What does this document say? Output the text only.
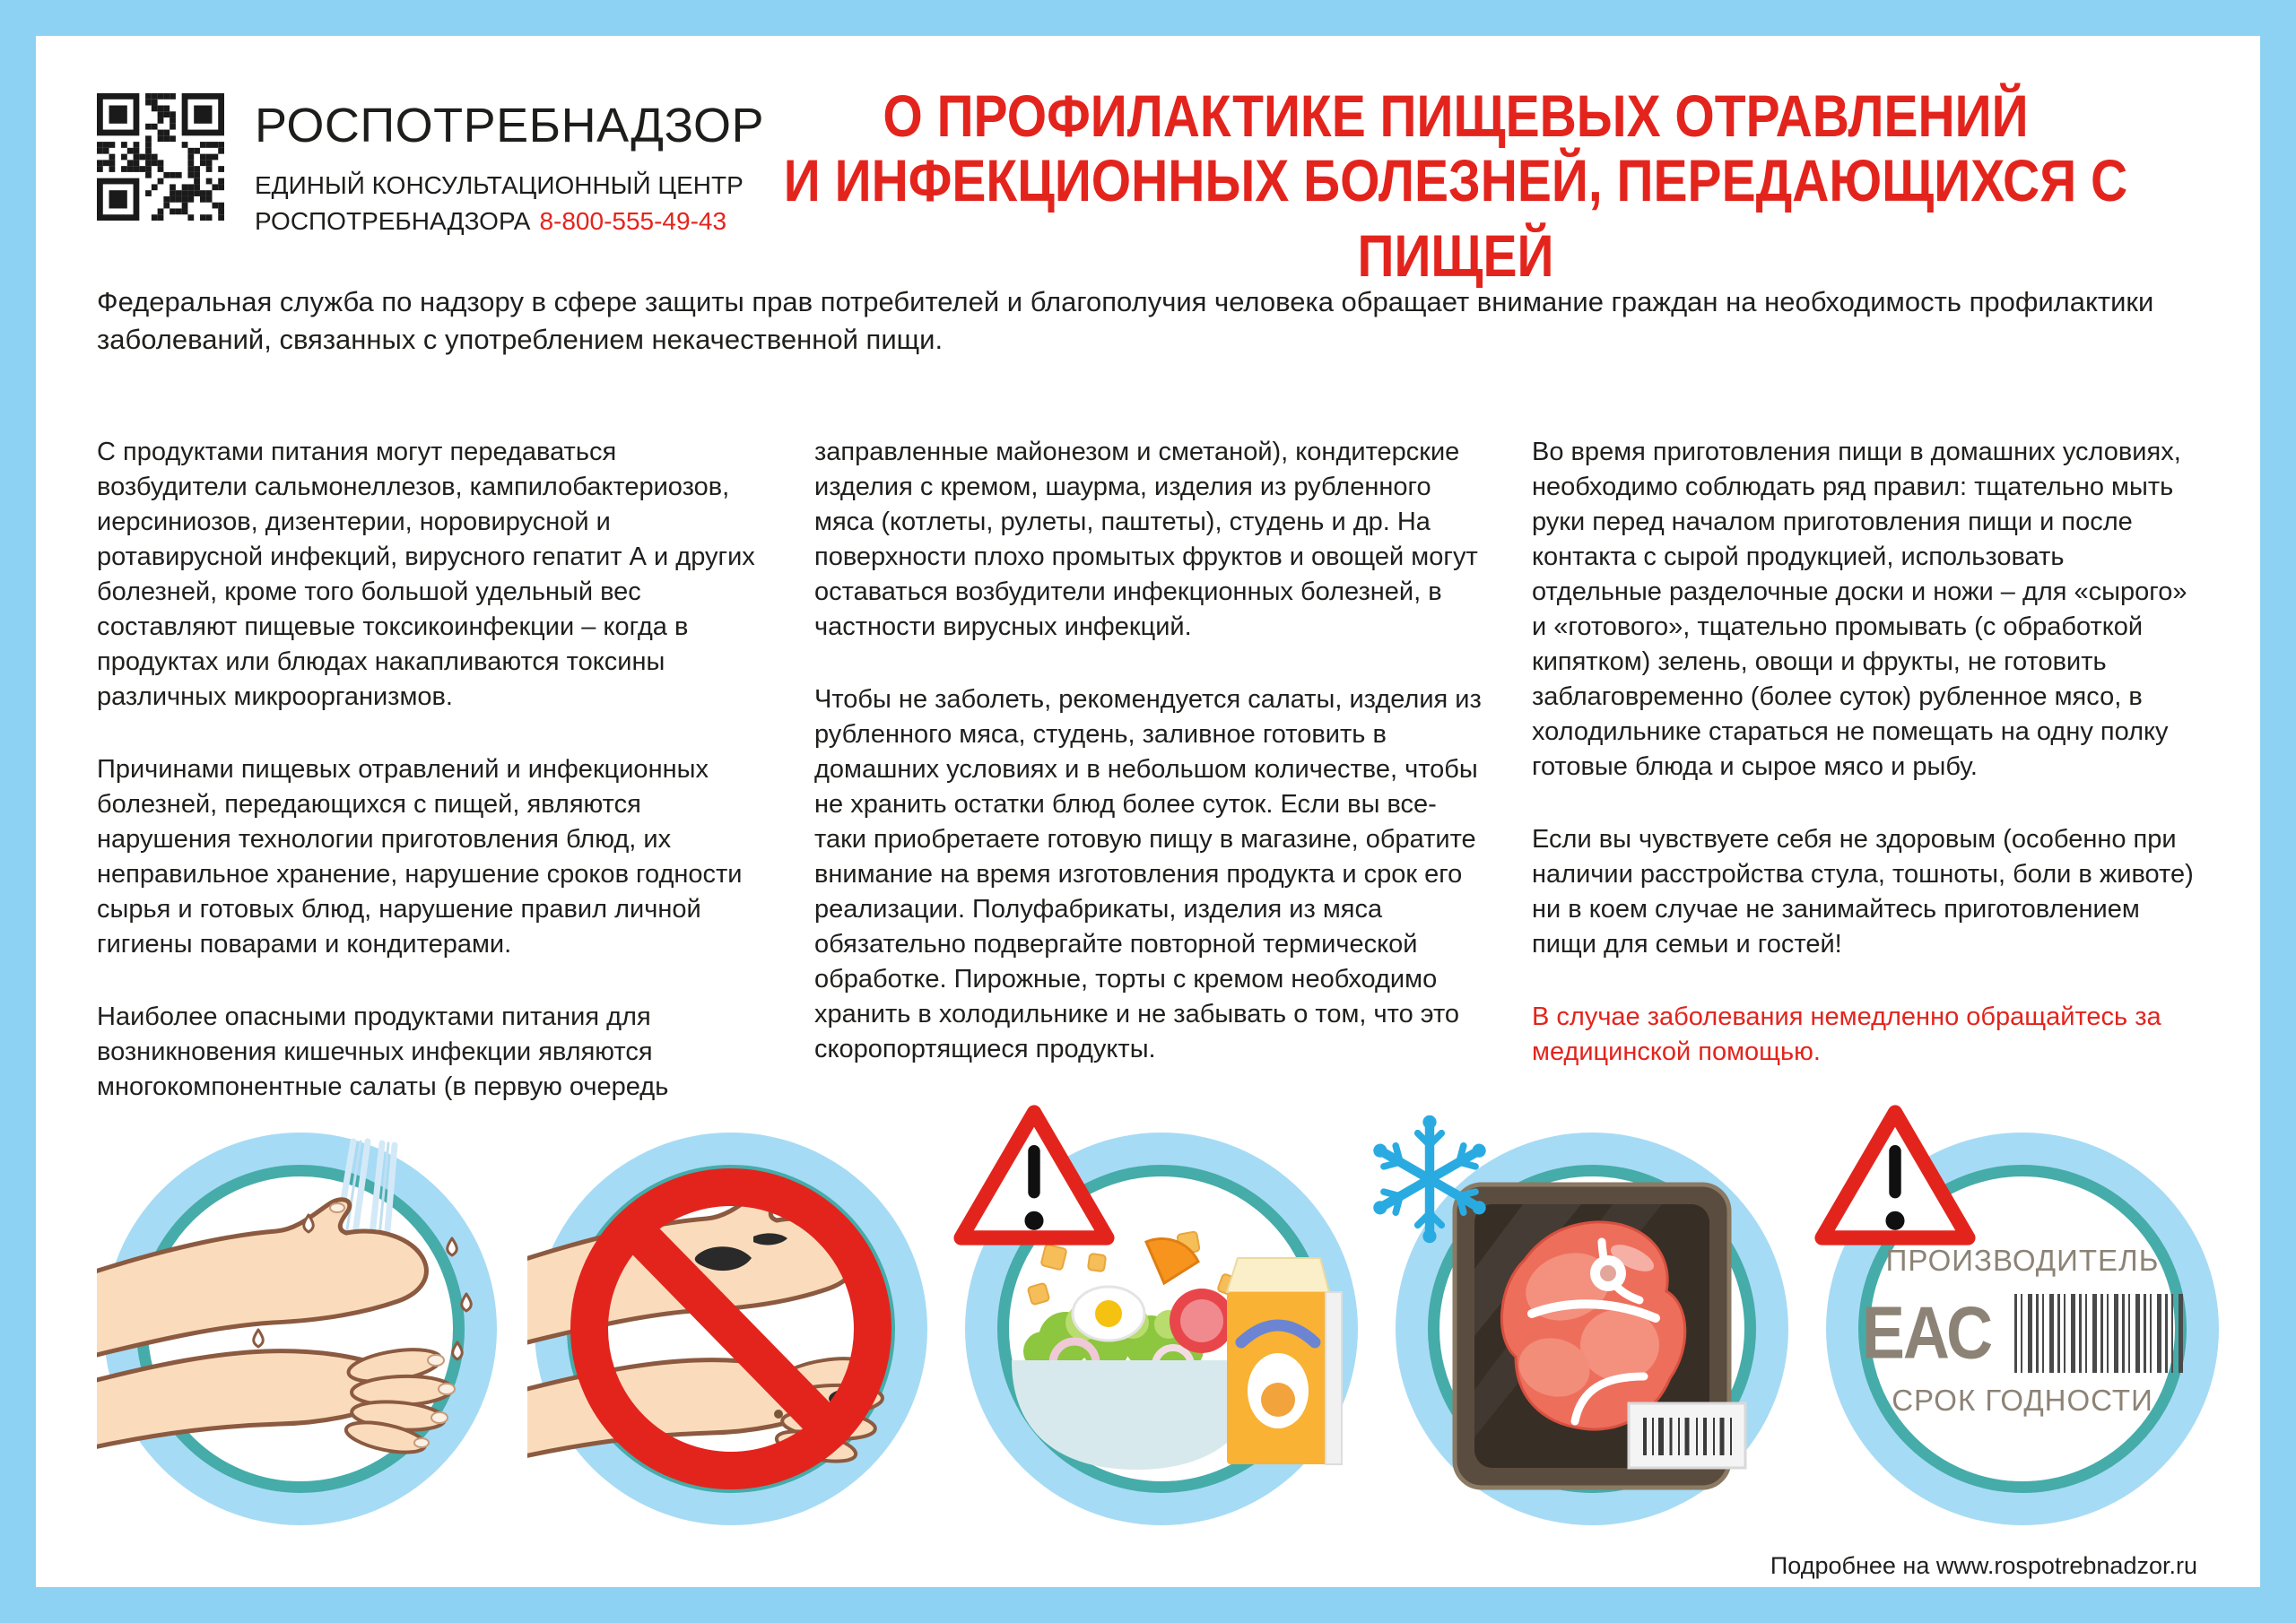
РОСПОТРЕБНАДЗОР
ЕДИНЫЙ КОНСУЛЬТАЦИОННЫЙ ЦЕНТР
РОСПОТРЕБНАДЗОРА 8-800-555-49-43
О ПРОФИЛАКТИКЕ ПИЩЕВЫХ ОТРАВЛЕНИЙ
И ИНФЕКЦИОННЫХ БОЛЕЗНЕЙ, ПЕРЕДАЮЩИХСЯ С ПИЩЕЙ

Федеральная служба по надзору в сфере защиты прав потребителей и благополучия человека обращает внимание граждан на необходимость профилактики заболеваний, связанных с употреблением некачественной пищи.

С продуктами питания могут передаваться возбудители сальмонеллезов, кампилобактериозов, иерсиниозов, дизентерии, норовирусной и ротавирусной инфекций, вирусного гепатит А и других болезней, кроме того большой удельный вес составляют пищевые токсикоинфекции – когда в продуктах или блюдах накапливаются токсины различных микроорганизмов.

Причинами пищевых отравлений и инфекционных болезней, передающихся с пищей, являются нарушения технологии приготовления блюд, их неправильное хранение, нарушение сроков годности сырья и готовых блюд, нарушение правил личной гигиены поварами и кондитерами.

Наиболее опасными продуктами питания для возникновения кишечных инфекции являются многокомпонентные салаты (в первую очередь

заправленные майонезом и сметаной), кондитерские изделия с кремом, шаурма, изделия из рубленного мяса (котлеты, рулеты, паштеты), студень и др. На поверхности плохо промытых фруктов и овощей могут оставаться возбудители инфекционных болезней, в частности вирусных инфекций.

Чтобы не заболеть, рекомендуется салаты, изделия из рубленного мяса, студень, заливное готовить в домашних условиях и в небольшом количестве, чтобы не хранить остатки блюд более суток. Если вы все-таки приобретаете готовую пищу в магазине, обратите внимание на время изготовления продукта и срок его реализации. Полуфабрикаты, изделия из мяса обязательно подвергайте повторной термической обработке. Пирожные, торты с кремом необходимо хранить в холодильнике и не забывать о том, что это скоропортящиеся продукты.

Во время приготовления пищи в домашних условиях, необходимо соблюдать ряд правил: тщательно мыть руки перед началом приготовления пищи и после контакта с сырой продукцией, использовать отдельные разделочные доски и ножи – для «сырого» и «готового», тщательно промывать (с обработкой кипятком) зелень, овощи и фрукты, не готовить заблаговременно (более суток) рубленное мясо, в холодильнике стараться не помещать на одну полку готовые блюда и сырое мясо и рыбу.

Если вы чувствуете себя не здоровым (особенно при наличии расстройства стула, тошноты, боли в животе) ни в коем случае не занимайтесь приготовлением пищи для семьи и гостей!

В случае заболевания немедленно обращайтесь за медицинской помощью.

ПРОИЗВОДИТЕЛЬ
ЕАС
СРОК ГОДНОСТИ
Подробнее на www.rospotrebnadzor.ru
